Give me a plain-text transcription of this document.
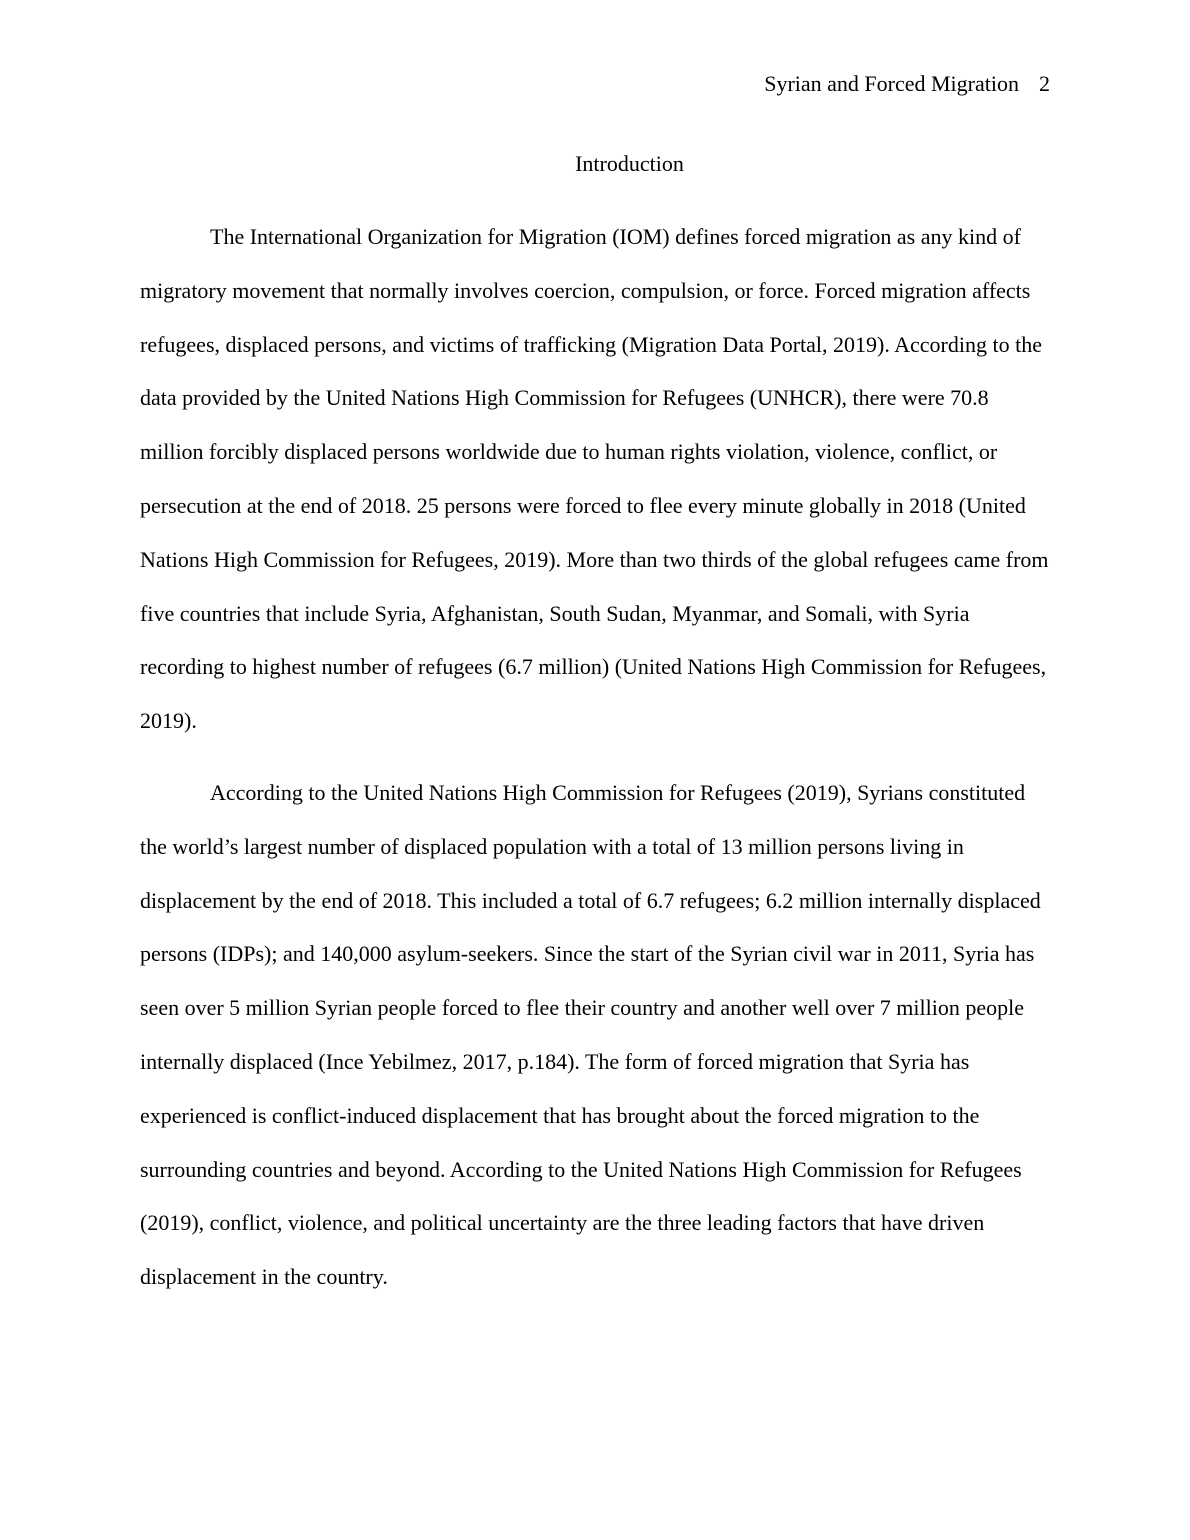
Syrian and Forced Migration 2
Introduction

The International Organization for Migration (IOM) defines forced migration as any kind of migratory movement that normally involves coercion, compulsion, or force. Forced migration affects refugees, displaced persons, and victims of trafficking (Migration Data Portal, 2019). According to the data provided by the United Nations High Commission for Refugees (UNHCR), there were 70.8 million forcibly displaced persons worldwide due to human rights violation, violence, conflict, or persecution at the end of 2018. 25 persons were forced to flee every minute globally in 2018 (United Nations High Commission for Refugees, 2019). More than two thirds of the global refugees came from five countries that include Syria, Afghanistan, South Sudan, Myanmar, and Somali, with Syria recording to highest number of refugees (6.7 million) (United Nations High Commission for Refugees, 2019).

According to the United Nations High Commission for Refugees (2019), Syrians constituted the world’s largest number of displaced population with a total of 13 million persons living in displacement by the end of 2018. This included a total of 6.7 refugees; 6.2 million internally displaced persons (IDPs); and 140,000 asylum-seekers. Since the start of the Syrian civil war in 2011, Syria has seen over 5 million Syrian people forced to flee their country and another well over 7 million people internally displaced (Ince Yebilmez, 2017, p.184). The form of forced migration that Syria has experienced is conflict-induced displacement that has brought about the forced migration to the surrounding countries and beyond. According to the United Nations High Commission for Refugees (2019), conflict, violence, and political uncertainty are the three leading factors that have driven displacement in the country.
